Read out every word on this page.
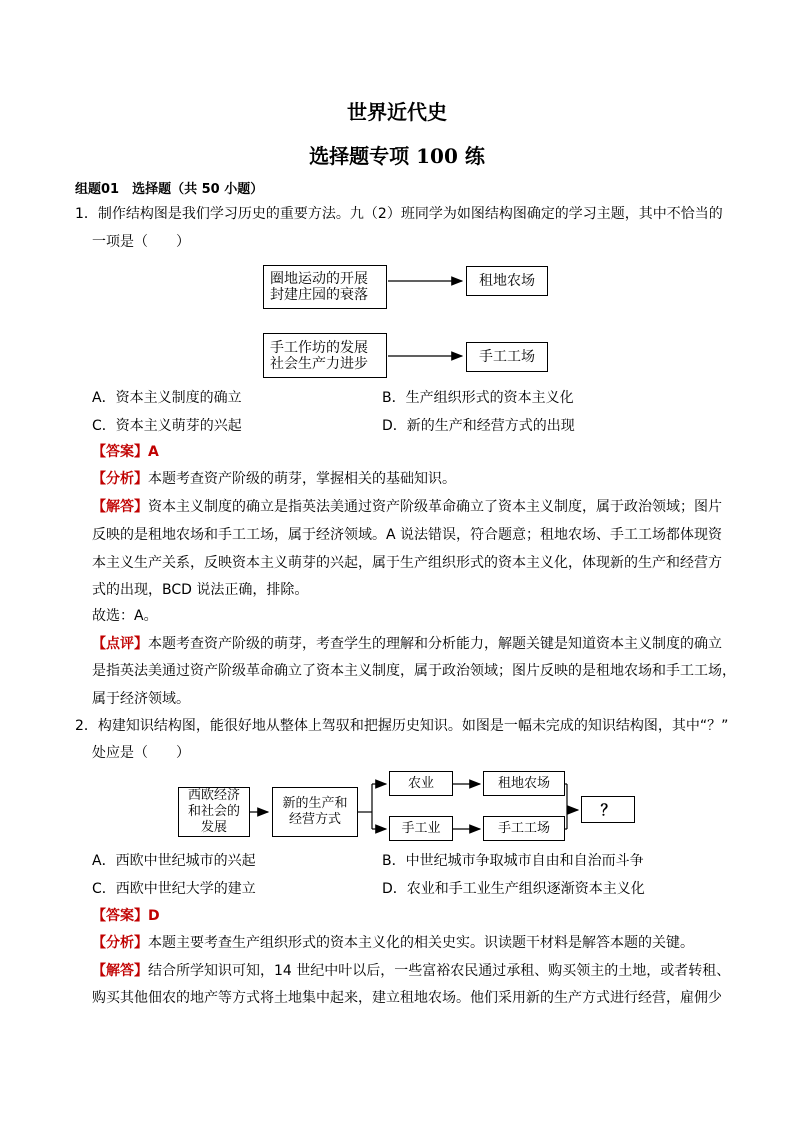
世界近代史
选择题专项 100 练
组题01　选择题（共 50 小题）
1．制作结构图是我们学习历史的重要方法。九（2）班同学为如图结构图确定的学习主题，其中不恰当的
一项是（　　）
圈地运动的开展
封建庄园的衰落
租地农场
手工作坊的发展
社会生产力进步	手工工场
A．资本主义制度的确立	B．生产组织形式的资本主义化
C．资本主义萌芽的兴起	D．新的生产和经营方式的出现
【答案】A
【分析】本题考查资产阶级的萌芽，掌握相关的基础知识。
【解答】资本主义制度的确立是指英法美通过资产阶级革命确立了资本主义制度，属于政治领域；图片
反映的是租地农场和手工工场，属于经济领域。A 说法错误，符合题意；租地农场、手工工场都体现资
本主义生产关系，反映资本主义萌芽的兴起，属于生产组织形式的资本主义化，体现新的生产和经营方
式的出现，BCD 说法正确，排除。
故选：A。
【点评】本题考查资产阶级的萌芽，考查学生的理解和分析能力，解题关键是知道资本主义制度的确立
是指英法美通过资产阶级革命确立了资本主义制度，属于政治领域；图片反映的是租地农场和手工工场，
属于经济领域。
2．构建知识结构图，能很好地从整体上驾驭和把握历史知识。如图是一幅未完成的知识结构图，其中“？”
处应是（　　）
西欧经济
和社会的
发展
新的生产和
经营方式
农业	租地农场
手工业	手工工场
？
A．西欧中世纪城市的兴起	B．中世纪城市争取城市自由和自治而斗争
C．西欧中世纪大学的建立	D．农业和手工业生产组织逐渐资本主义化
【答案】D
【分析】本题主要考查生产组织形式的资本主义化的相关史实。识读题干材料是解答本题的关键。
【解答】结合所学知识可知，14 世纪中叶以后，一些富裕农民通过承租、购买领主的土地，或者转租、
购买其他佃农的地产等方式将土地集中起来，建立租地农场。他们采用新的生产方式进行经营，雇佣少
